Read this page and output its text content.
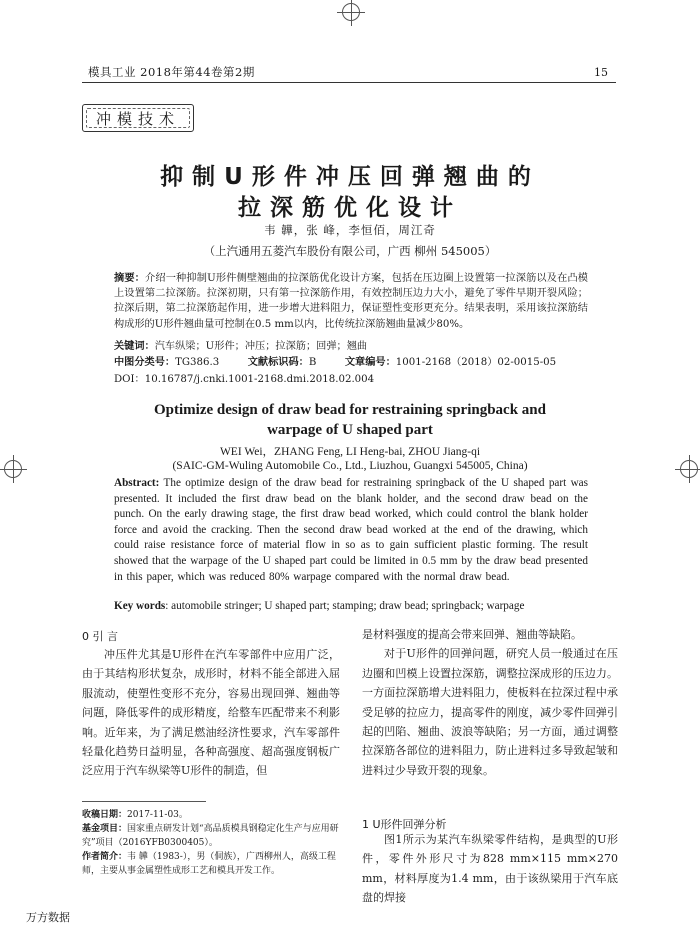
模具工业 2018年第44卷第2期	15
冲模技术
抑制U形件冲压回弹翘曲的
拉深筋优化设计
韦 韡，张 峰，李恒佰，周江奇
（上汽通用五菱汽车股份有限公司，广西 柳州 545005）
摘要：介绍一种抑制U形件侧壁翘曲的拉深筋优化设计方案，包括在压边圈上设置第一拉深筋以及在凸模上设置第二拉深筋。拉深初期，只有第一拉深筋作用，有效控制压边力大小，避免了零件早期开裂风险；拉深后期，第二拉深筋起作用，进一步增大进料阻力，保证塑性变形更充分。结果表明，采用该拉深筋结构成形的U形件翘曲量可控制在0.5 mm以内，比传统拉深筋翘曲量减少80%。
关键词：汽车纵梁；U形件；冲压；拉深筋；回弹；翘曲
中图分类号：TG386.3	文献标识码：B	文章编号：1001-2168（2018）02-0015-05
DOI：10.16787/j.cnki.1001-2168.dmi.2018.02.004
Optimize design of draw bead for restraining springback and
warpage of U shaped part
WEI Wei，ZHANG Feng, LI Heng-bai, ZHOU Jiang-qi
(SAIC-GM-Wuling Automobile Co., Ltd., Liuzhou, Guangxi 545005, China)
Abstract: The optimize design of the draw bead for restraining springback of the U shaped part was presented. It included the first draw bead on the blank holder, and the second draw bead on the punch. On the early drawing stage, the first draw bead worked, which could control the blank holder force and avoid the cracking. Then the second draw bead worked at the end of the drawing, which could raise resistance force of material flow in so as to gain sufficient plastic forming. The result showed that the warpage of the U shaped part could be limited in 0.5 mm by the draw bead presented in this paper, which was reduced 80% warpage compared with the normal draw bead.
Key words: automobile stringer; U shaped part; stamping; draw bead; springback; warpage
0 引 言

冲压件尤其是U形件在汽车零部件中应用广泛，由于其结构形状复杂，成形时，材料不能全部进入屈服流动，使塑性变形不充分，容易出现回弹、翘曲等问题，降低零件的成形精度，给整车匹配带来不利影响。近年来，为了满足燃油经济性要求，汽车零部件轻量化趋势日益明显，各种高强度、超高强度钢板广泛应用于汽车纵梁等U形件的制造，但

收稿日期：2017-11-03。
基金项目：国家重点研发计划“高品质模具钢稳定化生产与应用研究”项目（2016YFB0300405）。
作者简介：韦 韡（1983-），男（侗族），广西柳州人，高级工程师，主要从事金属塑性成形工艺和模具开发工作。
是材料强度的提高会带来回弹、翘曲等缺陷。

对于U形件的回弹问题，研究人员一般通过在压边圈和凹模上设置拉深筋，调整拉深成形的压边力。一方面拉深筋增大进料阻力，使板料在拉深过程中承受足够的拉应力，提高零件的刚度，减少零件回弹引起的凹陷、翘曲、波浪等缺陷；另一方面，通过调整拉深筋各部位的进料阻力，防止进料过多导致起皱和进料过少导致开裂的现象。

1 U形件回弹分析

图1所示为某汽车纵梁零件结构，是典型的U形件，零件外形尺寸为828 mm×115 mm×270 mm，材料厚度为1.4 mm，由于该纵梁用于汽车底盘的焊接

万方数据
